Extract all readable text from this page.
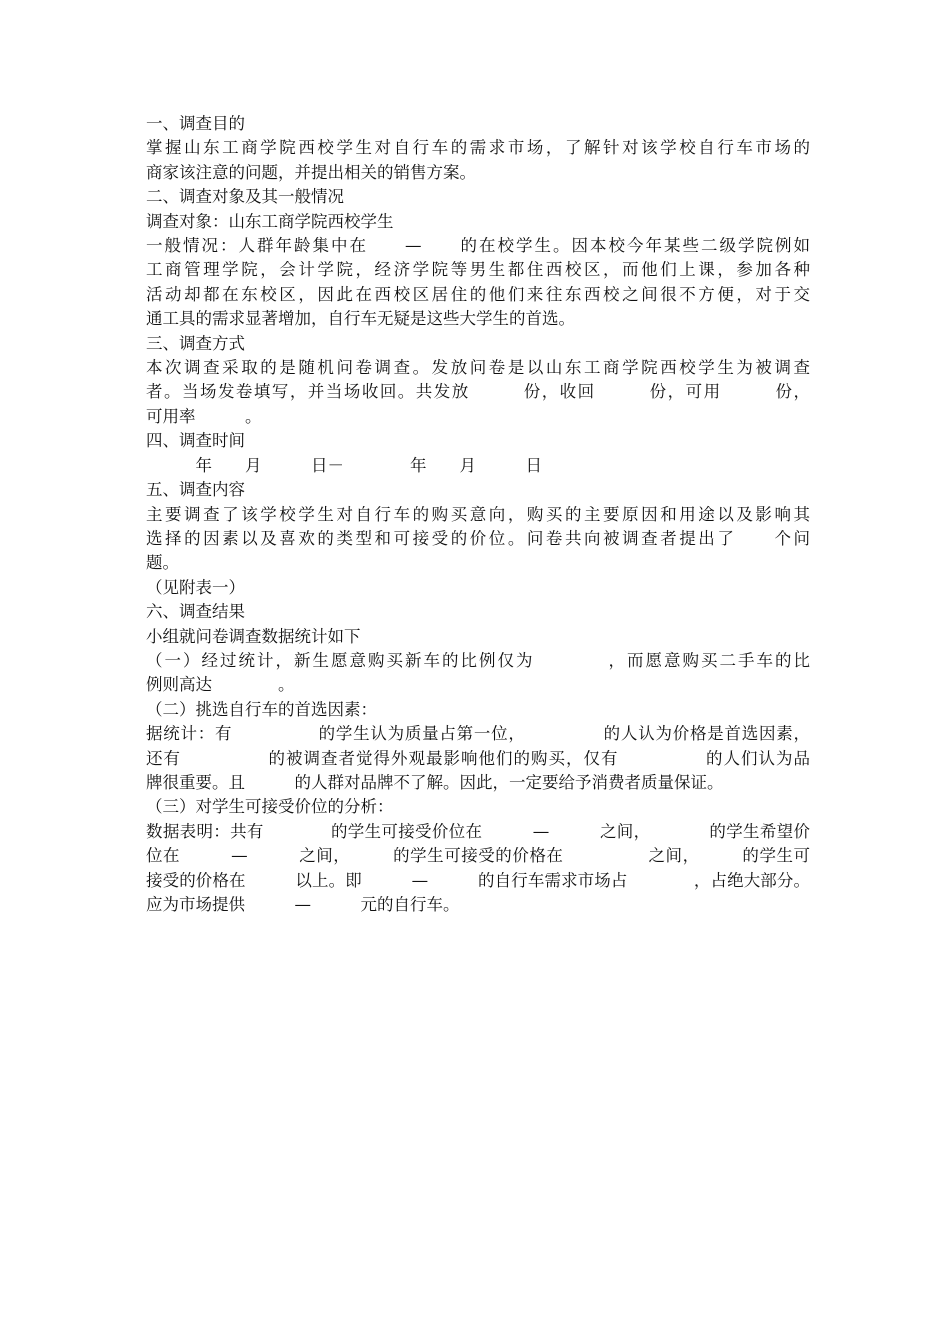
一、调查目的

掌握山东工商学院西校学生对自行车的需求市场，了解针对该学校自行车市场的

商家该注意的问题，并提出相关的销售方案。

二、调查对象及其一般情况

调查对象：山东工商学院西校学生

一般情况：人群年龄集中在　　—　　的在校学生。因本校今年某些二级学院例如

工商管理学院，会计学院，经济学院等男生都住西校区，而他们上课，参加各种

活动却都在东校区，因此在西校区居住的他们来往东西校之间很不方便，对于交

通工具的需求显著增加，自行车无疑是这些大学生的首选。

三、调查方式

本次调查采取的是随机问卷调查。发放问卷是以山东工商学院西校学生为被调查

者。当场发卷填写，并当场收回。共发放　　　份，收回　　　份，可用　　　份，

可用率　　　。

四、调查时间

　　　年　　月　　　日－　　　　年　　月　　　日

五、调查内容

主要调查了该学校学生对自行车的购买意向，购买的主要原因和用途以及影响其

选择的因素以及喜欢的类型和可接受的价位。问卷共向被调查者提出了　　个问

题。

（见附表一）

六、调查结果

小组就问卷调查数据统计如下

（一）经过统计，新生愿意购买新车的比例仅为　　　　，而愿意购买二手车的比

例则高达　　　　。

（二）挑选自行车的首选因素：

据统计：有　　　　　的学生认为质量占第一位，　　　　　的人认为价格是首选因素，

还有　　　　　的被调查者觉得外观最影响他们的购买，仅有　　　　　的人们认为品

牌很重要。且　　　的人群对品牌不了解。因此，一定要给予消费者质量保证。

（三）对学生可接受价位的分析：

数据表明：共有　　　　的学生可接受价位在　　　—　　　之间，　　　　的学生希望价

位在　　　—　　　之间，　　　的学生可接受的价格在　　　　　之间，　　　的学生可

接受的价格在　　　以上。即　　　—　　　的自行车需求市场占　　　　，占绝大部分。

应为市场提供　　　—　　　元的自行车。
